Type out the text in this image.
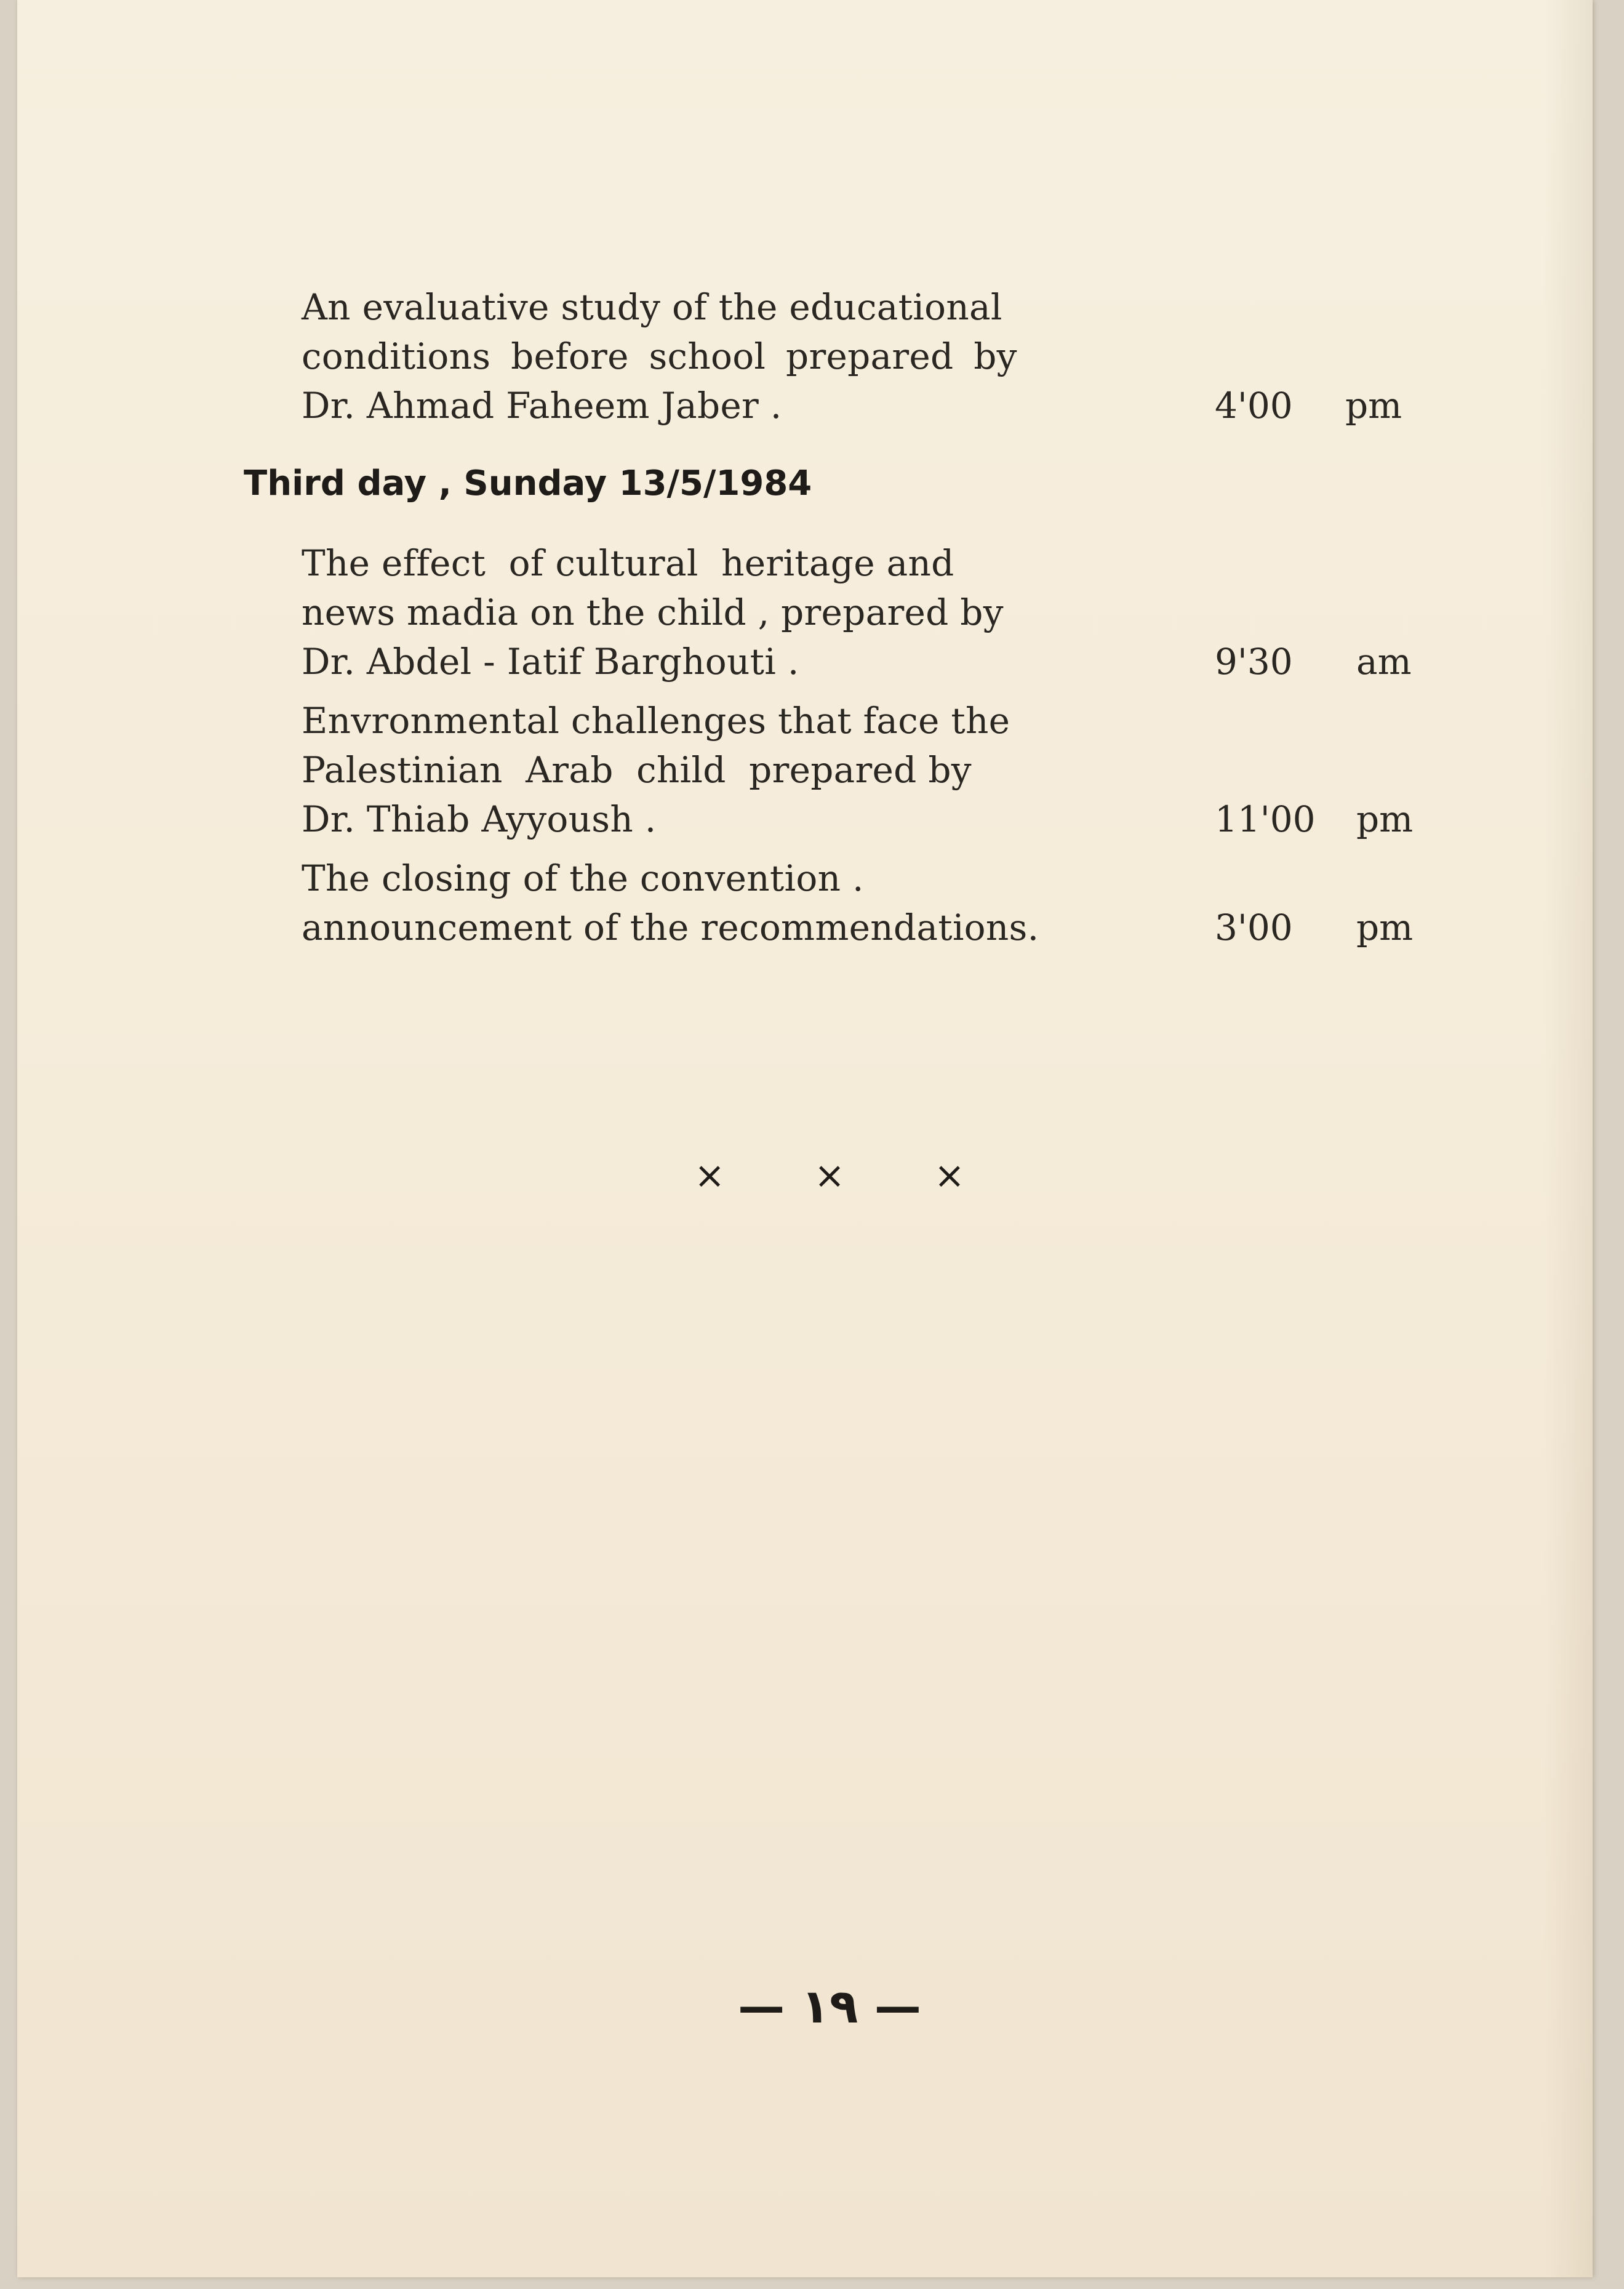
An evaluative study of the educational
conditions before school prepared by
Dr. Ahmad Faheem Jaber .	4'00 pm
Third day , Sunday 13/5/1984
The effect  of cultural  heritage and
news madia on the child , prepared by
Dr. Abdel - Iatif Barghouti .	9'30 am
Envronmental challenges that face the
Palestinian  Arab  child  prepared by
Dr. Thiab Ayyoush .	11'00 pm
The closing of the convention .
announcement of the recommendations.	3'00 pm
× × ×
— ١٩ —
